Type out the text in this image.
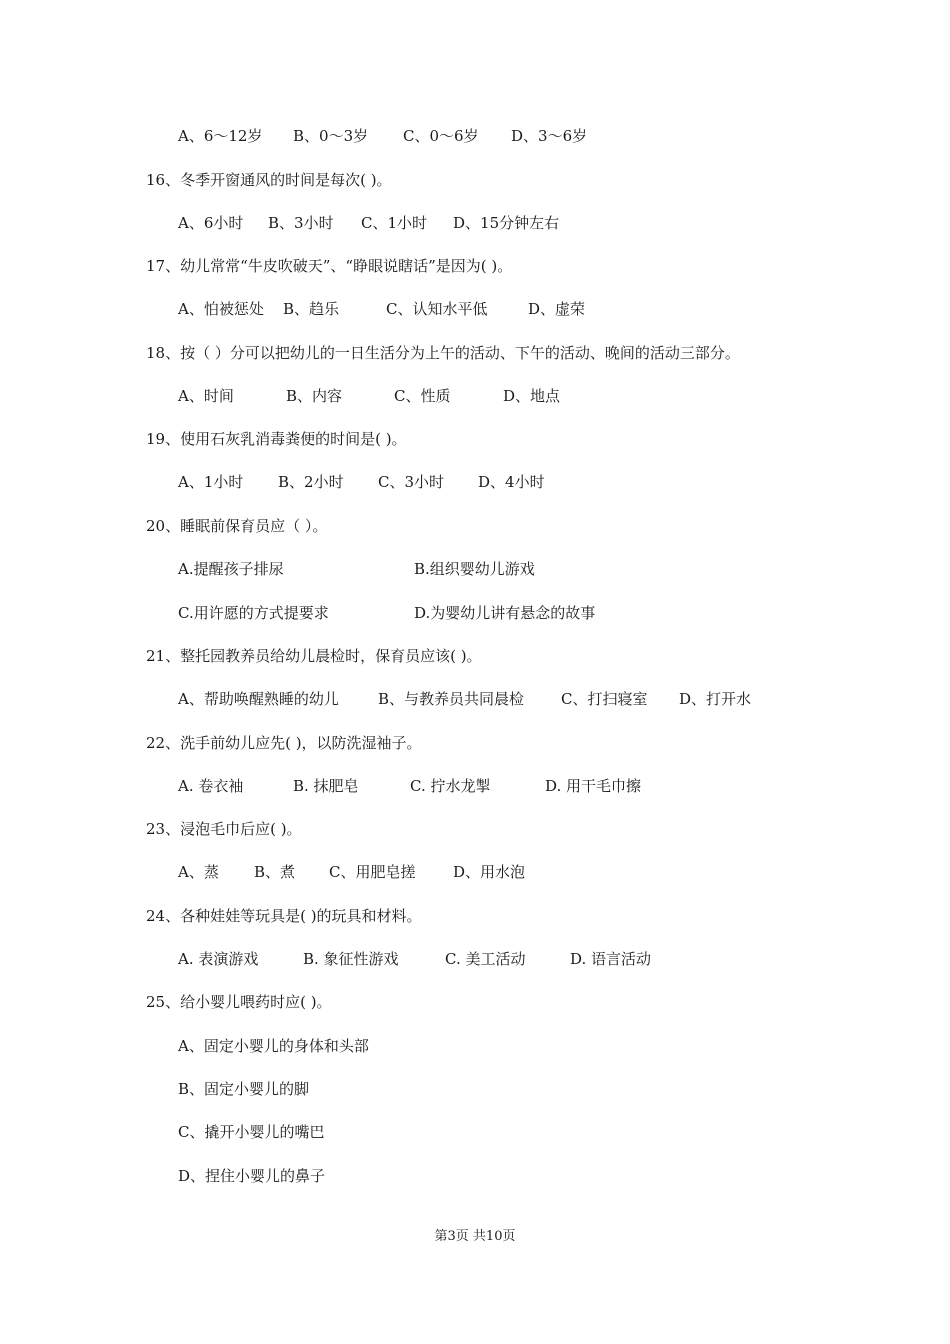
A、6～12岁 B、0～3岁 C、0～6岁 D、3～6岁
16、冬季开窗通风的时间是每次( )。
A、6小时 B、3小时 C、1小时 D、15分钟左右
17、幼儿常常“牛皮吹破天”、“睁眼说瞎话”是因为( )。
A、怕被惩处 B、趋乐	C、认知水平低	D、虚荣
18、按（ ）分可以把幼儿的一日生活分为上午的活动、下午的活动、晚间的活动三部分。
A、时间	B、内容	C、性质	D、地点
19、使用石灰乳消毒粪便的时间是( )。
A、1小时 B、2小时 C、3小时 D、4小时
20、睡眠前保育员应（ ）。
A.提醒孩子排尿	B.组织婴幼儿游戏
C.用许愿的方式提要求	D.为婴幼儿讲有悬念的故事
21、整托园教养员给幼儿晨检时，保育员应该( )。
A、帮助唤醒熟睡的幼儿	B、与教养员共同晨检 C、打扫寝室 D、打开水
22、洗手前幼儿应先( )，以防洗湿袖子。
A. 卷衣袖	B. 抹肥皂	C. 拧水龙掣	D. 用干毛巾擦
23、浸泡毛巾后应( )。
A、蒸 B、煮 C、用肥皂搓	D、用水泡
24、各种娃娃等玩具是( )的玩具和材料。
A. 表演游戏	B. 象征性游戏	C. 美工活动	D. 语言活动
25、给小婴儿喂药时应( )。
A、固定小婴儿的身体和头部
B、固定小婴儿的脚
C、撬开小婴儿的嘴巴
D、捏住小婴儿的鼻子
第3页 共10页
